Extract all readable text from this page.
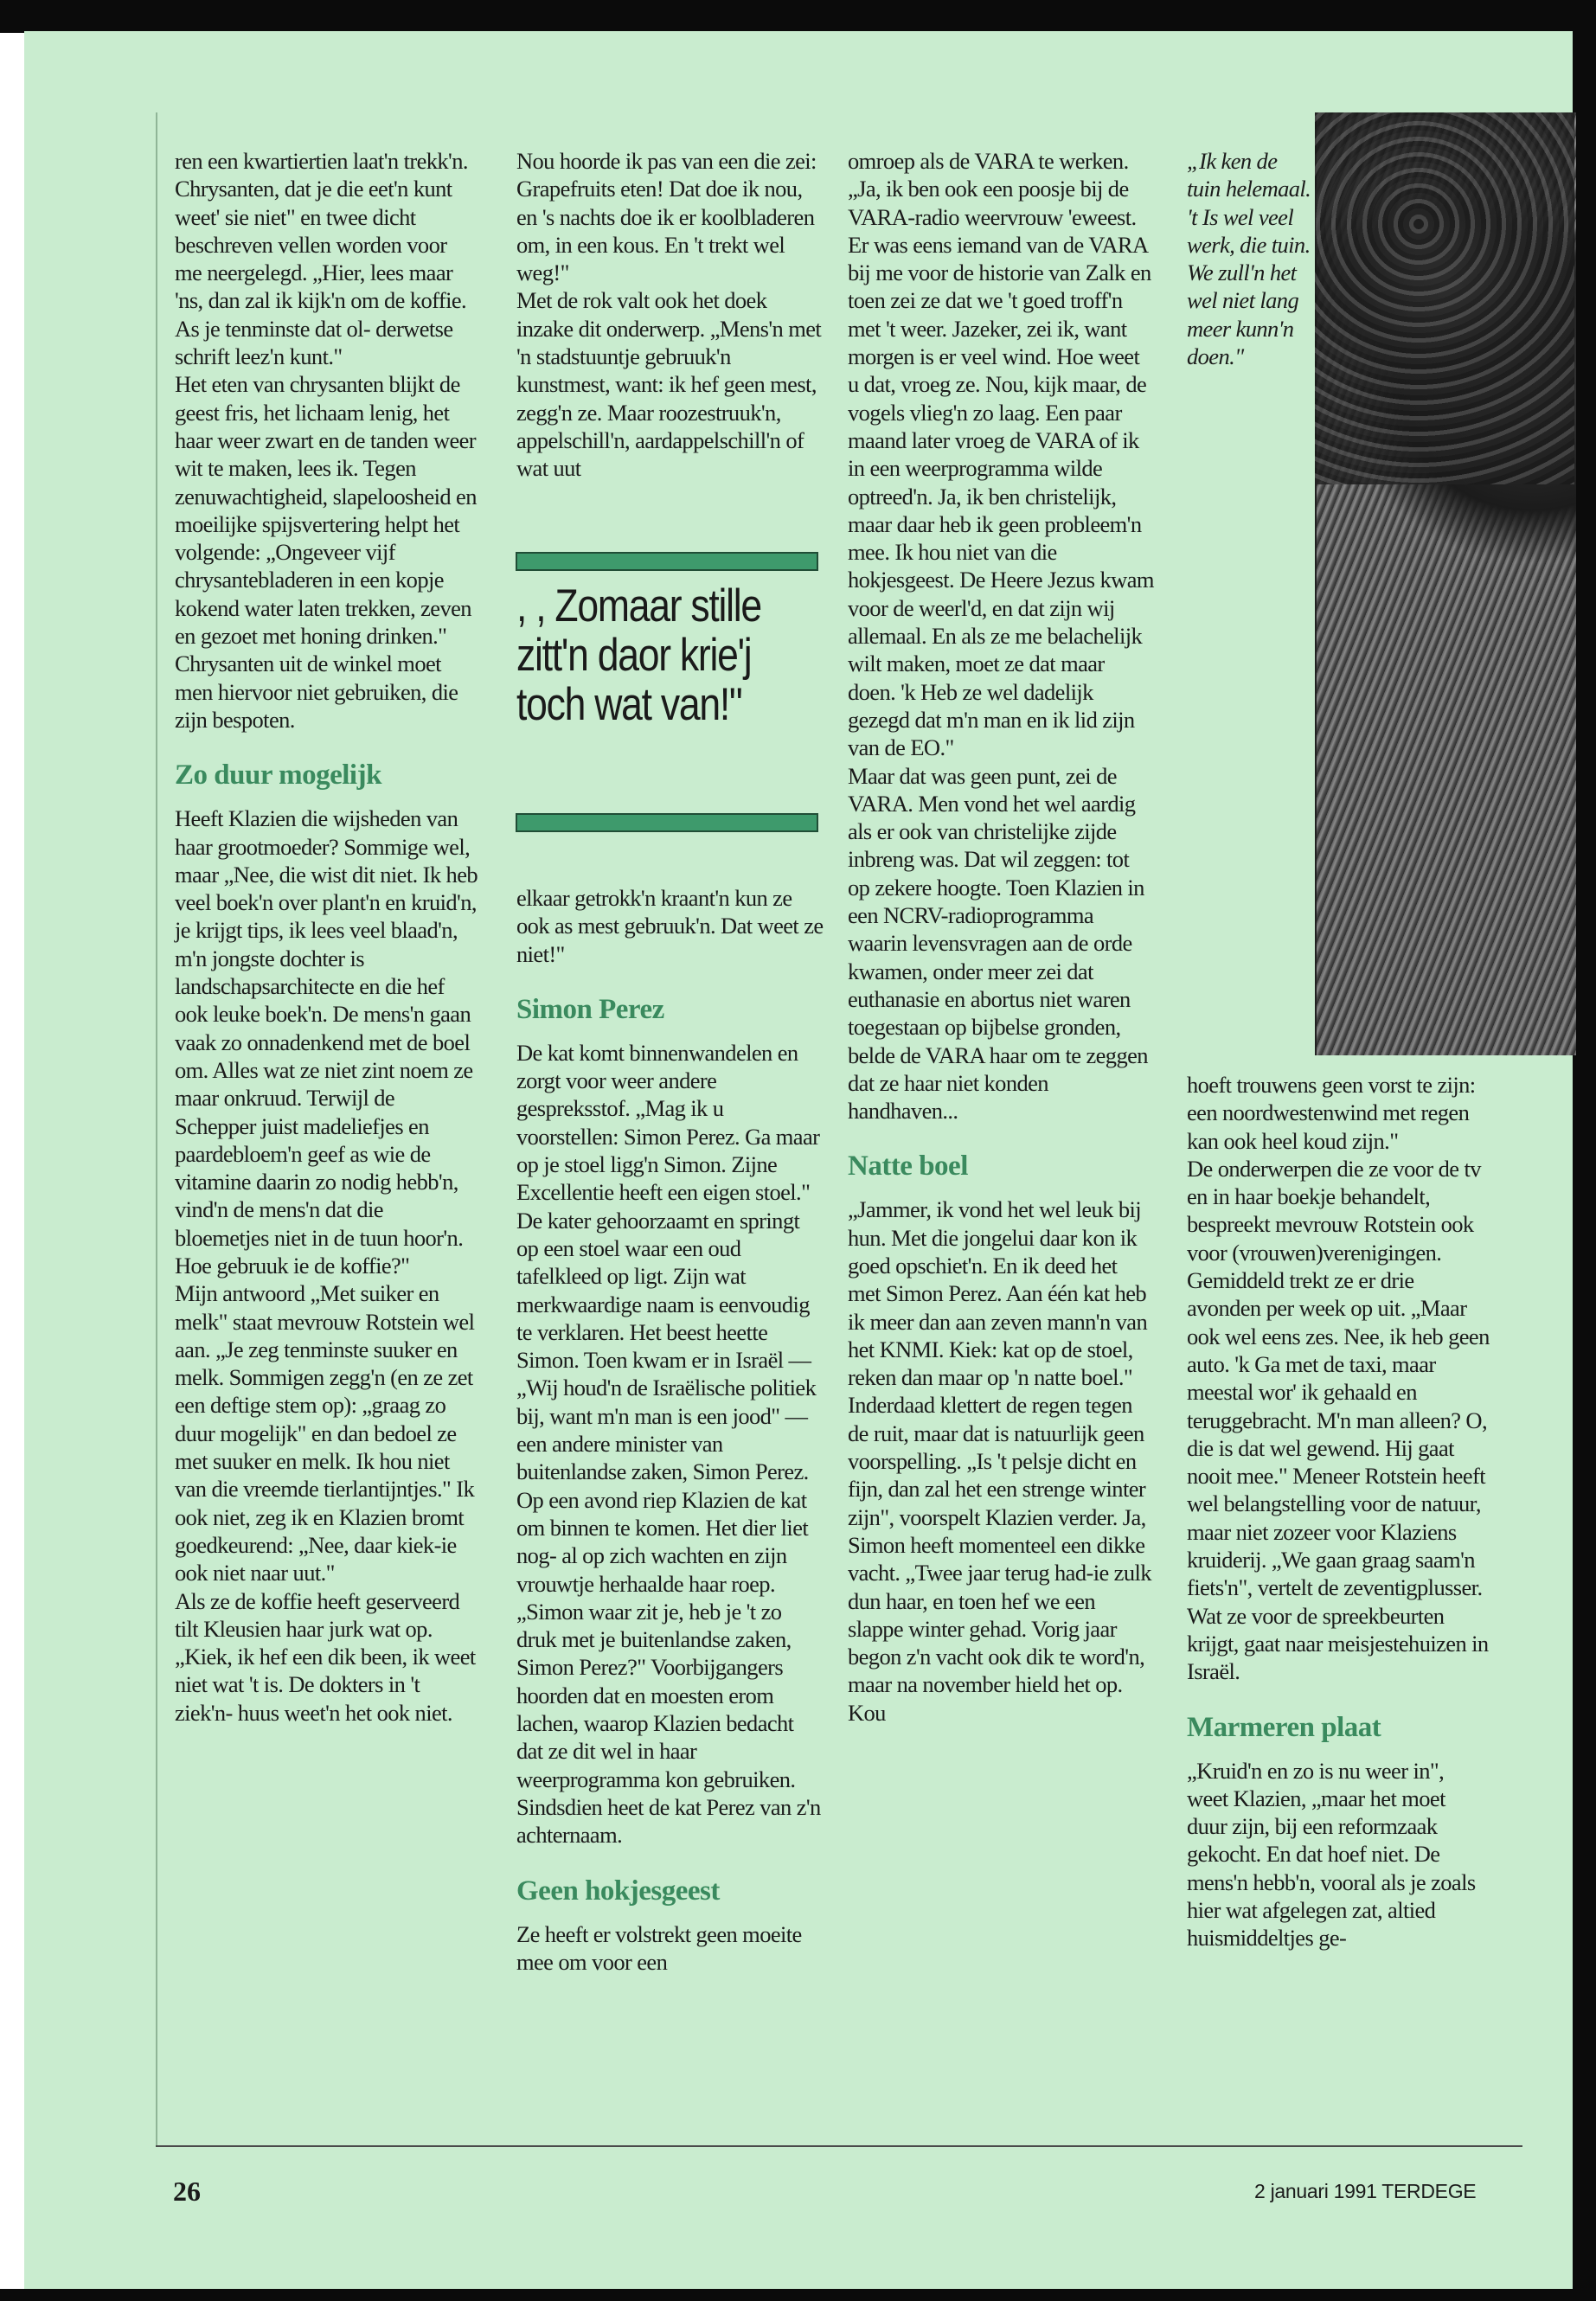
ren een kwartiertien laat'n trekk'n.

Chrysanten, dat je die eet'n kunt weet' sie niet" en twee dicht beschreven vellen worden voor me neergelegd. „Hier, lees maar 'ns, dan zal ik kijk'n om de koffie. As je tenminste dat ol- derwetse schrift leez'n kunt."

Het eten van chrysanten blijkt de geest fris, het lichaam lenig, het haar weer zwart en de tanden weer wit te maken, lees ik. Tegen zenuwachtigheid, slapeloosheid en moeilijke spijsvertering helpt het volgende: „Ongeveer vijf chrysantebladeren in een kopje kokend water laten trekken, zeven en gezoet met honing drinken." Chrysanten uit de winkel moet men hiervoor niet gebruiken, die zijn bespoten.

Zo duur mogelijk

Heeft Klazien die wijsheden van haar grootmoeder? Sommige wel, maar „Nee, die wist dit niet. Ik heb veel boek'n over plant'n en kruid'n, je krijgt tips, ik lees veel blaad'n, m'n jongste dochter is landschapsarchitecte en die hef ook leuke boek'n. De mens'n gaan vaak zo onnadenkend met de boel om. Alles wat ze niet zint noem ze maar onkruud. Terwijl de Schepper juist madeliefjes en paardebloem'n geef as wie de vitamine daarin zo nodig hebb'n, vind'n de mens'n dat die bloemetjes niet in de tuun hoor'n. Hoe gebruuk ie de koffie?"

Mijn antwoord „Met suiker en melk" staat mevrouw Rotstein wel aan. „Je zeg tenminste suuker en melk. Sommigen zegg'n (en ze zet een deftige stem op): „graag zo duur mogelijk" en dan bedoel ze met suuker en melk. Ik hou niet van die vreemde tierlantijntjes." Ik ook niet, zeg ik en Klazien bromt goedkeurend: „Nee, daar kiek-ie ook niet naar uut."

Als ze de koffie heeft geserveerd tilt Kleusien haar jurk wat op. „Kiek, ik hef een dik been, ik weet niet wat 't is. De dokters in 't ziek'n- huus weet'n het ook niet.

Nou hoorde ik pas van een die zei: Grapefruits eten! Dat doe ik nou, en 's nachts doe ik er koolbladeren om, in een kous. En 't trekt wel weg!"

Met de rok valt ook het doek inzake dit onderwerp. „Mens'n met 'n stadstuuntje gebruuk'n kunstmest, want: ik hef geen mest, zegg'n ze. Maar roozestruuk'n, appelschill'n, aardappelschill'n of wat uut

, , Zomaar stille zitt'n daor krie'j toch wat van!"

elkaar getrokk'n kraant'n kun ze ook as mest gebruuk'n. Dat weet ze niet!"

Simon Perez

De kat komt binnenwandelen en zorgt voor weer andere gespreksstof. „Mag ik u voorstellen: Simon Perez. Ga maar op je stoel ligg'n Simon. Zijne Excellentie heeft een eigen stoel." De kater gehoorzaamt en springt op een stoel waar een oud tafelkleed op ligt. Zijn wat merkwaardige naam is eenvoudig te verklaren. Het beest heette Simon. Toen kwam er in Israël — „Wij houd'n de Israëlische politiek bij, want m'n man is een jood" — een andere minister van buitenlandse zaken, Simon Perez. Op een avond riep Klazien de kat om binnen te komen. Het dier liet nog- al op zich wachten en zijn vrouwtje herhaalde haar roep. „Simon waar zit je, heb je 't zo druk met je buitenlandse zaken, Simon Perez?" Voorbijgangers hoorden dat en moesten erom lachen, waarop Klazien bedacht dat ze dit wel in haar weerprogramma kon gebruiken. Sindsdien heet de kat Perez van z'n achternaam.

Geen hokjesgeest

Ze heeft er volstrekt geen moeite mee om voor een

omroep als de VARA te werken. „Ja, ik ben ook een poosje bij de VARA-radio weervrouw 'eweest. Er was eens iemand van de VARA bij me voor de historie van Zalk en toen zei ze dat we 't goed troff'n met 't weer. Jazeker, zei ik, want morgen is er veel wind. Hoe weet u dat, vroeg ze. Nou, kijk maar, de vogels vlieg'n zo laag. Een paar maand later vroeg de VARA of ik in een weerprogramma wilde optreed'n. Ja, ik ben christelijk, maar daar heb ik geen probleem'n mee. Ik hou niet van die hokjesgeest. De Heere Jezus kwam voor de weerl'd, en dat zijn wij allemaal. En als ze me belachelijk wilt maken, moet ze dat maar doen. 'k Heb ze wel dadelijk gezegd dat m'n man en ik lid zijn van de EO."

Maar dat was geen punt, zei de VARA. Men vond het wel aardig als er ook van christelijke zijde inbreng was. Dat wil zeggen: tot op zekere hoogte. Toen Klazien in een NCRV-radioprogramma waarin levensvragen aan de orde kwamen, onder meer zei dat euthanasie en abortus niet waren toegestaan op bijbelse gronden, belde de VARA haar om te zeggen dat ze haar niet konden handhaven...

Natte boel

„Jammer, ik vond het wel leuk bij hun. Met die jongelui daar kon ik goed opschiet'n. En ik deed het met Simon Perez. Aan één kat heb ik meer dan aan zeven mann'n van het KNMI. Kiek: kat op de stoel, reken dan maar op 'n natte boel." Inderdaad klettert de regen tegen de ruit, maar dat is natuurlijk geen voorspelling. „Is 't pelsje dicht en fijn, dan zal het een strenge winter zijn", voorspelt Klazien verder. Ja, Simon heeft momenteel een dikke vacht. „Twee jaar terug had-ie zulk dun haar, en toen hef we een slappe winter gehad. Vorig jaar begon z'n vacht ook dik te word'n, maar na november hield het op. Kou

„Ik ken de tuin helemaal. 't Is wel veel werk, die tuin. We zull'n het wel niet lang meer kunn'n doen."

hoeft trouwens geen vorst te zijn: een noordwestenwind met regen kan ook heel koud zijn."

De onderwerpen die ze voor de tv en in haar boekje behandelt, bespreekt mevrouw Rotstein ook voor (vrouwen)verenigingen. Gemiddeld trekt ze er drie avonden per week op uit. „Maar ook wel eens zes. Nee, ik heb geen auto. 'k Ga met de taxi, maar meestal wor' ik gehaald en teruggebracht. M'n man alleen? O, die is dat wel gewend. Hij gaat nooit mee." Meneer Rotstein heeft wel belangstelling voor de natuur, maar niet zozeer voor Klaziens kruiderij. „We gaan graag saam'n fiets'n", vertelt de zeventigplusser. Wat ze voor de spreekbeurten krijgt, gaat naar meisjestehuizen in Israël.

Marmeren plaat

„Kruid'n en zo is nu weer in", weet Klazien, „maar het moet duur zijn, bij een reformzaak gekocht. En dat hoef niet. De mens'n hebb'n, vooral als je zoals hier wat afgelegen zat, altied huismiddeltjes ge-

26	2 januari 1991 TERDEGE
